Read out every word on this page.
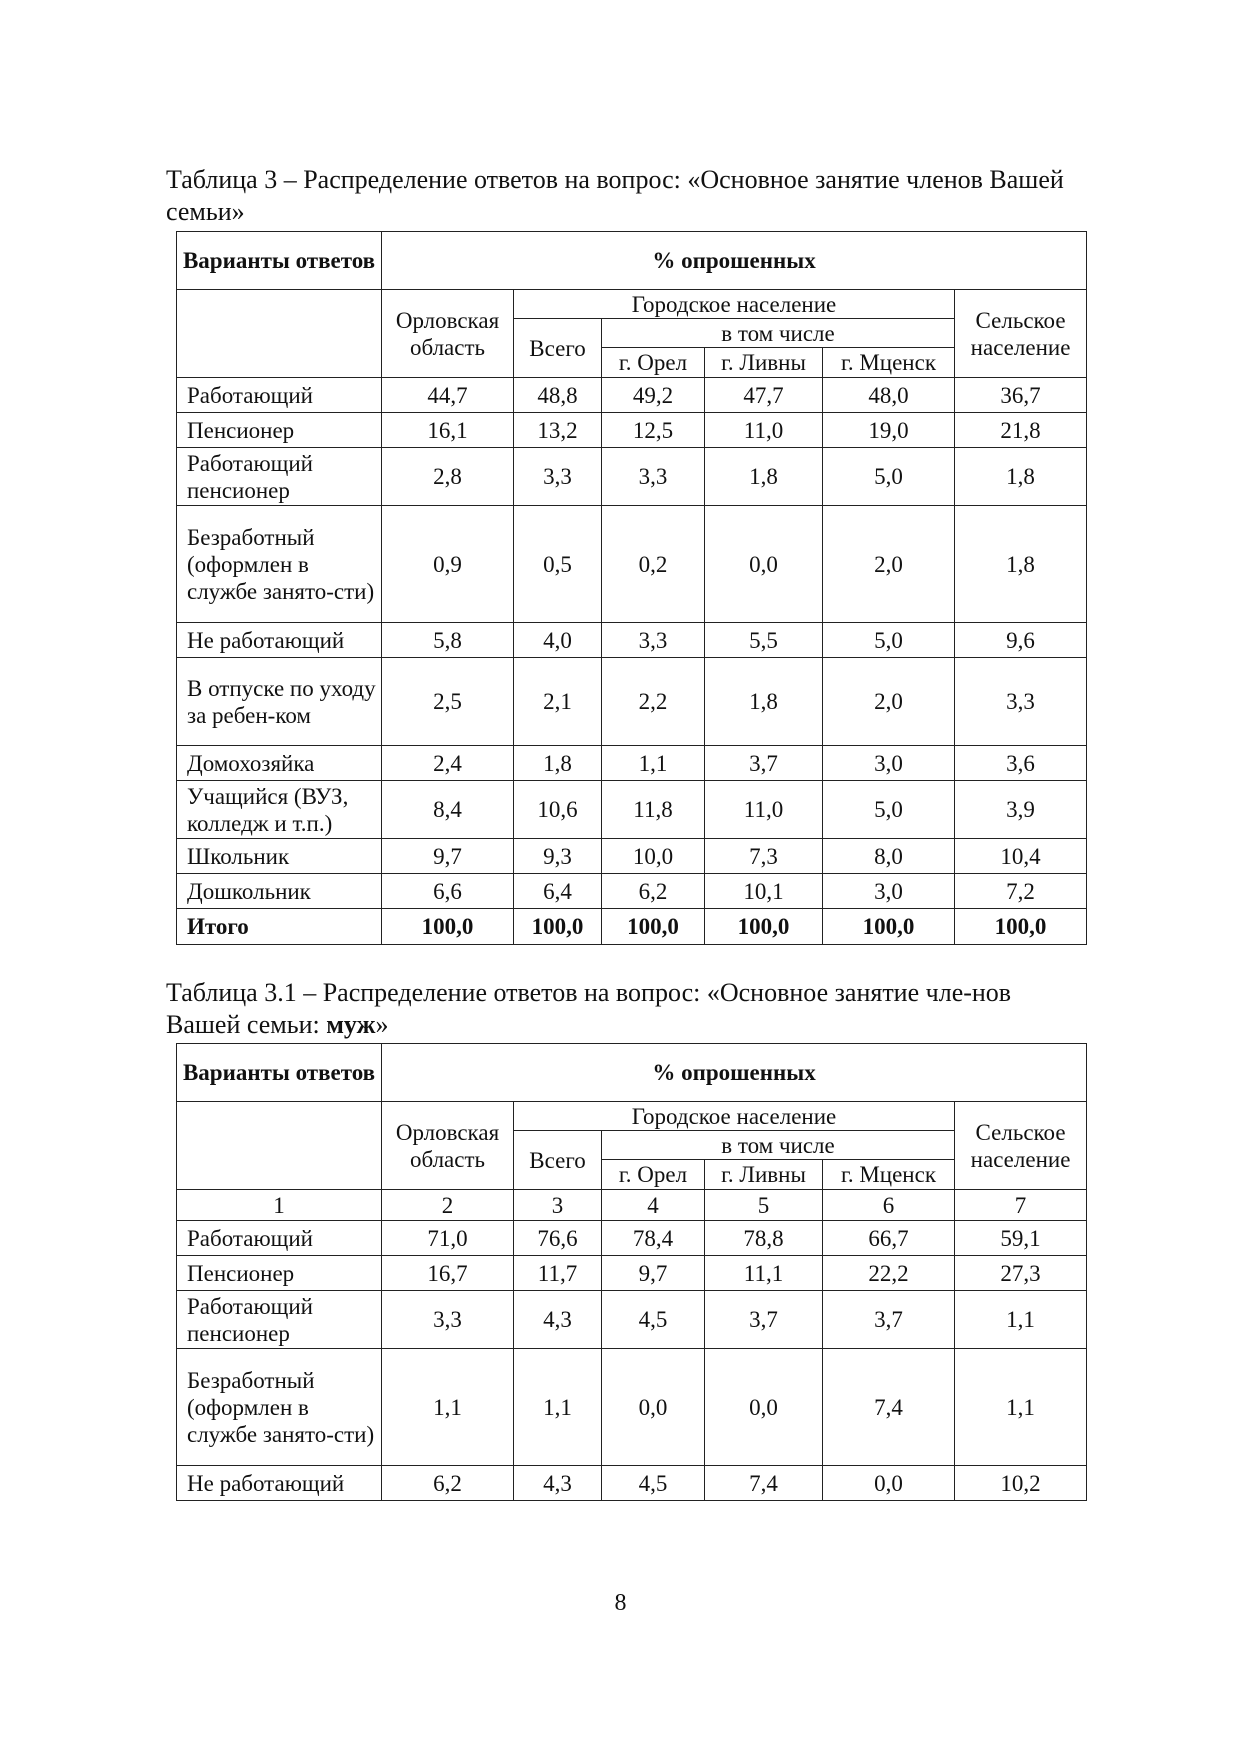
Таблица 3 – Распределение ответов на вопрос: «Основное занятие членов Вашей семьи»
Варианты ответов	% опрошенных					
	Орловская область	Городское население				Сельское население
		Всего	в том числе			
			г. Орел	г. Ливны	г. Мценск	
Работающий	44,7	48,8	49,2	47,7	48,0	36,7
Пенсионер	16,1	13,2	12,5	11,0	19,0	21,8
Работающий пенсионер	2,8	3,3	3,3	1,8	5,0	1,8
Безработный (оформлен в службе занято-сти)	0,9	0,5	0,2	0,0	2,0	1,8
Не работающий	5,8	4,0	3,3	5,5	5,0	9,6
В отпуске по уходу за ребен-ком	2,5	2,1	2,2	1,8	2,0	3,3
Домохозяйка	2,4	1,8	1,1	3,7	3,0	3,6
Учащийся (ВУЗ, колледж и т.п.)	8,4	10,6	11,8	11,0	5,0	3,9
Школьник	9,7	9,3	10,0	7,3	8,0	10,4
Дошкольник	6,6	6,4	6,2	10,1	3,0	7,2
Итого	100,0	100,0	100,0	100,0	100,0	100,0
Таблица 3.1 – Распределение ответов на вопрос: «Основное занятие чле-нов Вашей семьи: муж»
Варианты ответов	% опрошенных					
	Орловская область	Городское население				Сельское население
		Всего	в том числе			
			г. Орел	г. Ливны	г. Мценск	
1	2	3	4	5	6	7
Работающий	71,0	76,6	78,4	78,8	66,7	59,1
Пенсионер	16,7	11,7	9,7	11,1	22,2	27,3
Работающий пенсионер	3,3	4,3	4,5	3,7	3,7	1,1
Безработный (оформлен в службе занято-сти)	1,1	1,1	0,0	0,0	7,4	1,1
Не работающий	6,2	4,3	4,5	7,4	0,0	10,2
8
